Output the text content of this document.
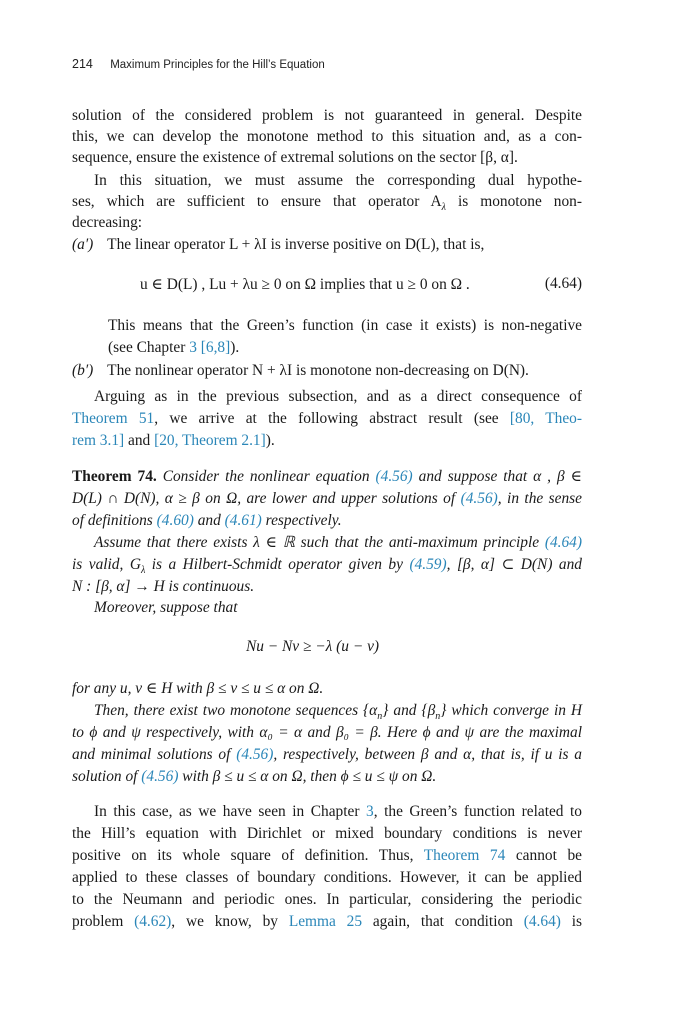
214 Maximum Principles for the Hill’s Equation
solution of the considered problem is not guaranteed in general. Despite
this, we can develop the monotone method to this situation and, as a con-
sequence, ensure the existence of extremal solutions on the sector [β, α].
In this situation, we must assume the corresponding dual hypothe-
ses, which are sufficient to ensure that operator $A_\lambda$ is monotone non-
decreasing:
(a′) The linear operator L + λI is inverse positive on D(L), that is,
u ∈ D(L) , Lu + λu ≥ 0 on Ω implies that u ≥ 0 on Ω .	(4.64)
This means that the Green’s function (in case it exists) is non-negative
(see Chapter 3 [6,8]).
(b′) The nonlinear operator N + λI is monotone non-decreasing on D(N).
Arguing as in the previous subsection, and as a direct consequence of
Theorem 51, we arrive at the following abstract result (see [80, Theo-
rem 3.1] and [20, Theorem 2.1]).
Theorem 74. Consider the nonlinear equation (4.56) and suppose that α , β ∈
D(L) ∩ D(N), α ≥ β on Ω, are lower and upper solutions of (4.56), in the sense
of definitions (4.60) and (4.61) respectively.
Assume that there exists λ ∈ ℝ such that the anti-maximum principle (4.64)
is valid, $G_\lambda$ is a Hilbert-Schmidt operator given by (4.59), [β, α] ⊂ D(N) and
N : [β, α] → H is continuous.
Moreover, suppose that
Nu − Nv ≥ −λ (u − v)
for any u, v ∈ H with β ≤ v ≤ u ≤ α on Ω.
Then, there exist two monotone sequences $\{\alpha_n\}$ and $\{\beta_n\}$ which converge in H
to ϕ and ψ respectively, with α₀ = α and β₀ = β. Here ϕ and ψ are the maximal
and minimal solutions of (4.56), respectively, between β and α, that is, if u is a
solution of (4.56) with β ≤ u ≤ α on Ω, then ϕ ≤ u ≤ ψ on Ω.
In this case, as we have seen in Chapter 3, the Green’s function related to
the Hill’s equation with Dirichlet or mixed boundary conditions is never
positive on its whole square of definition. Thus, Theorem 74 cannot be
applied to these classes of boundary conditions. However, it can be applied
to the Neumann and periodic ones. In particular, considering the periodic
problem (4.62), we know, by Lemma 25 again, that condition (4.64) is
